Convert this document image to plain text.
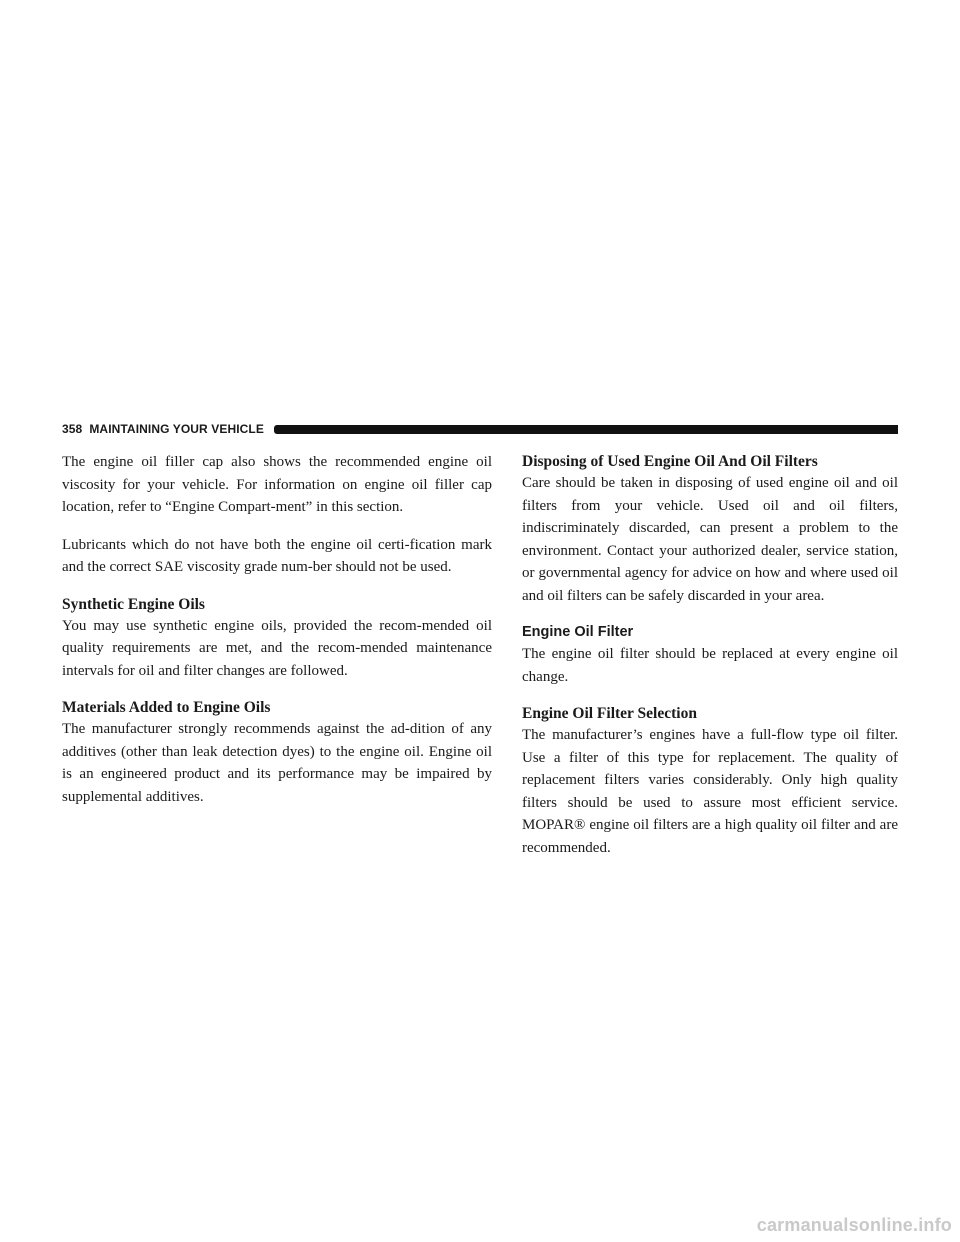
358 MAINTAINING YOUR VEHICLE

The engine oil filler cap also shows the recommended engine oil viscosity for your vehicle. For information on engine oil filler cap location, refer to “Engine Compart-ment” in this section.

Lubricants which do not have both the engine oil certi-fication mark and the correct SAE viscosity grade num-ber should not be used.

Synthetic Engine Oils

You may use synthetic engine oils, provided the recom-mended oil quality requirements are met, and the recom-mended maintenance intervals for oil and filter changes are followed.

Materials Added to Engine Oils

The manufacturer strongly recommends against the ad-dition of any additives (other than leak detection dyes) to the engine oil. Engine oil is an engineered product and its performance may be impaired by supplemental additives.

Disposing of Used Engine Oil And Oil Filters

Care should be taken in disposing of used engine oil and oil filters from your vehicle. Used oil and oil filters, indiscriminately discarded, can present a problem to the environment. Contact your authorized dealer, service station, or governmental agency for advice on how and where used oil and oil filters can be safely discarded in your area.

Engine Oil Filter

The engine oil filter should be replaced at every engine oil change.

Engine Oil Filter Selection

The manufacturer’s engines have a full-flow type oil filter. Use a filter of this type for replacement. The quality of replacement filters varies considerably. Only high quality filters should be used to assure most efficient service. MOPAR® engine oil filters are a high quality oil filter and are recommended.

carmanualsonline.info
